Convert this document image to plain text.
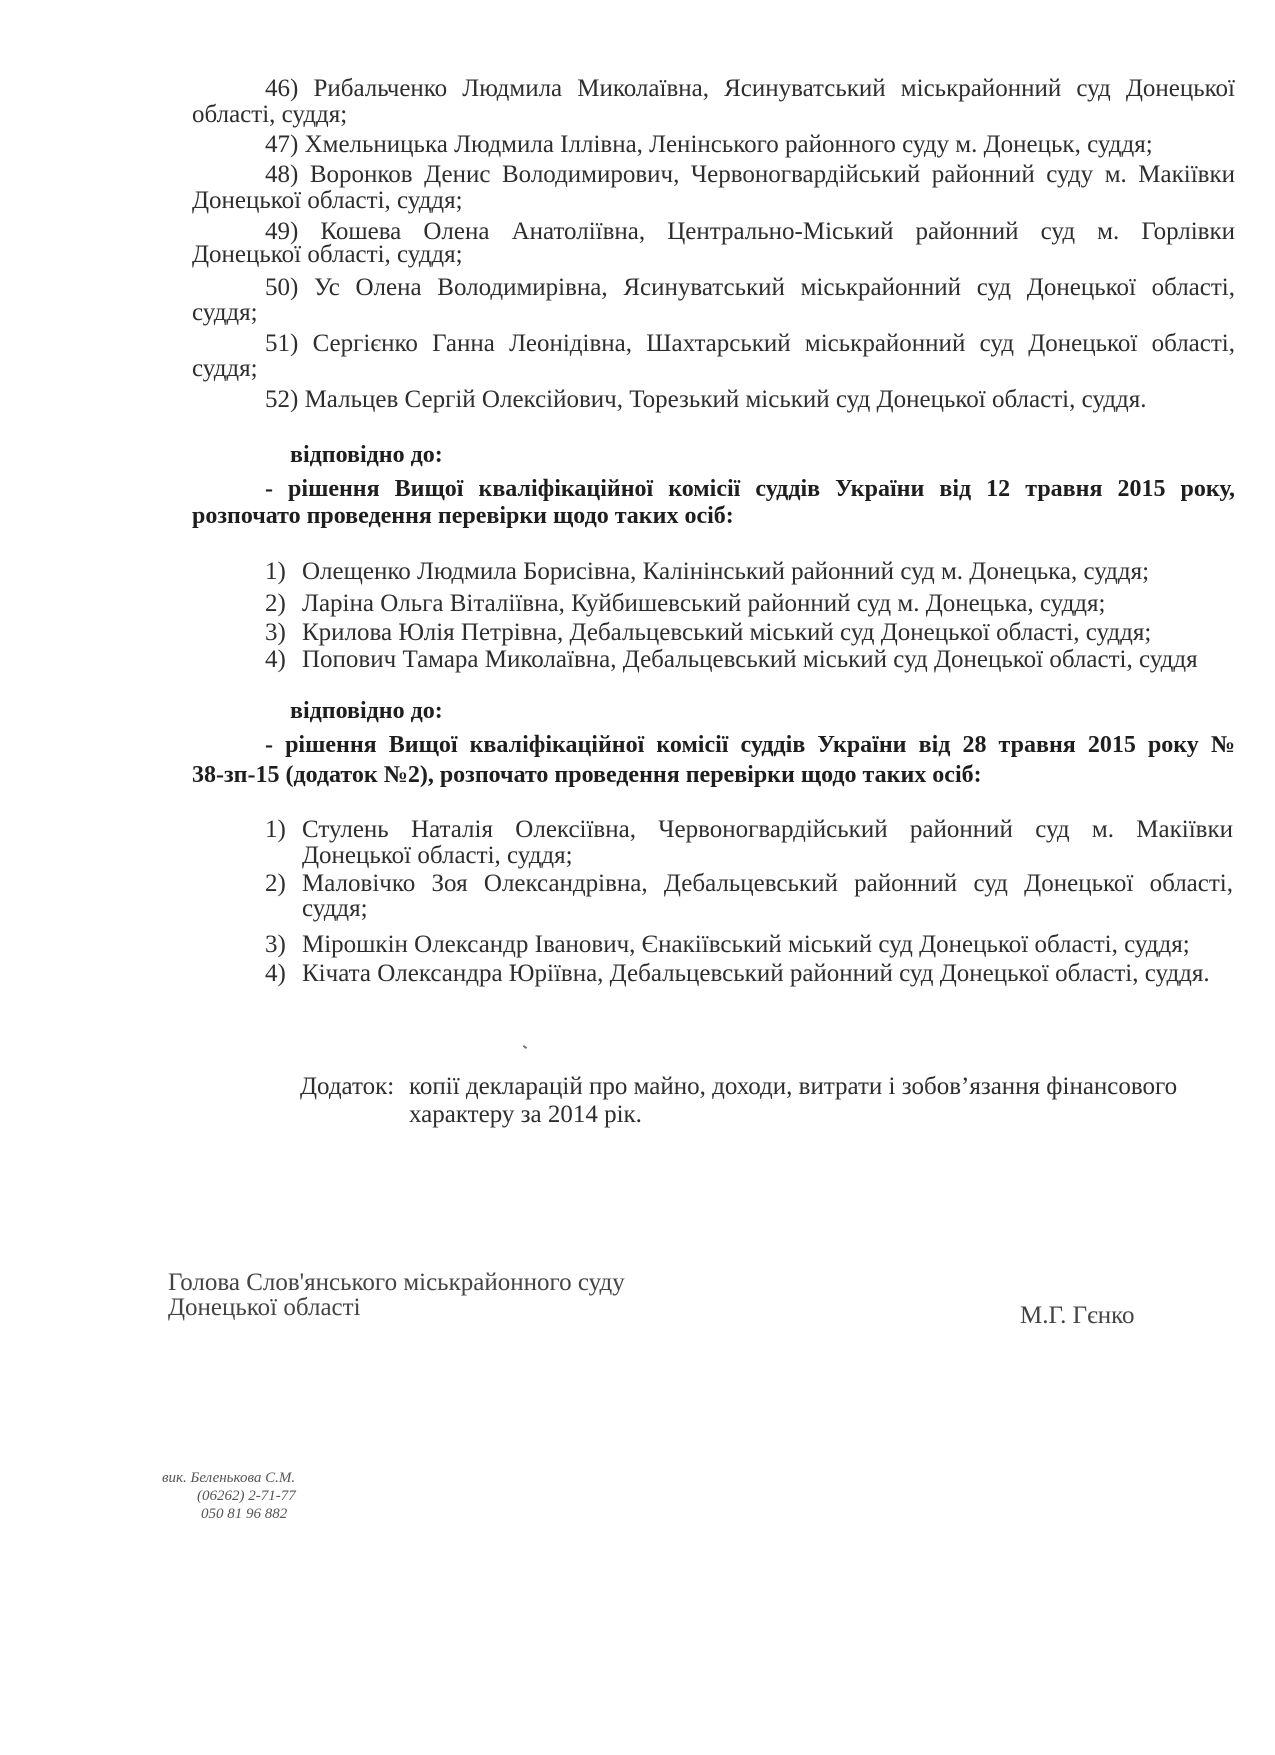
46) Рибальченко Людмила Миколаївна, Ясинуватський міськрайонний суд Донецької
області, суддя;
47) Хмельницька Людмила Іллівна, Ленінського районного суду м. Донецьк, суддя;
48) Воронков Денис Володимирович, Червоногвардійський районний суду м. Макіївки
Донецької області, суддя;
49) Кошева Олена Анатоліївна, Центрально-Міський районний суд м. Горлівки
Донецької області, суддя;
50) Ус Олена Володимирівна, Ясинуватський міськрайонний суд Донецької області,
суддя;
51) Сергієнко Ганна Леонідівна, Шахтарський міськрайонний суд Донецької області,
суддя;
52) Мальцев Сергій Олексійович, Торезький міський суд Донецької області, суддя.
відповідно до:
- рішення Вищої кваліфікаційної комісії суддів України від 12 травня 2015 року,
розпочато проведення перевірки щодо таких осіб:
1) Олещенко Людмила Борисівна, Калінінський районний суд м. Донецька, суддя;
2) Ларіна Ольга Віталіївна, Куйбишевський районний суд м. Донецька, суддя;
3) Крилова Юлія Петрівна, Дебальцевський міський суд Донецької області, суддя;
4) Попович Тамара Миколаївна, Дебальцевський міський суд Донецької області, суддя
відповідно до:
- рішення Вищої кваліфікаційної комісії суддів України від 28 травня 2015 року №
38-зп-15 (додаток №2), розпочато проведення перевірки щодо таких осіб:
1) Стулень Наталія Олексіївна, Червоногвардійський районний суд м. Макіївки
Донецької області, суддя;
2) Маловічко Зоя Олександрівна, Дебальцевський районний суд Донецької області,
суддя;
3) Мірошкін Олександр Іванович, Єнакіївський міський суд Донецької області, суддя;
4) Кічата Олександра Юріївна, Дебальцевський районний суд Донецької області, суддя.
Додаток: копії декларацій про майно, доходи, витрати і зобов’язання фінансового
характеру за 2014 рік.
Голова Слов'янського міськрайонного суду
Донецької області	М.Г. Гєнко
вик. Беленькова С.М.
(06262) 2-71-77
050 81 96 882
